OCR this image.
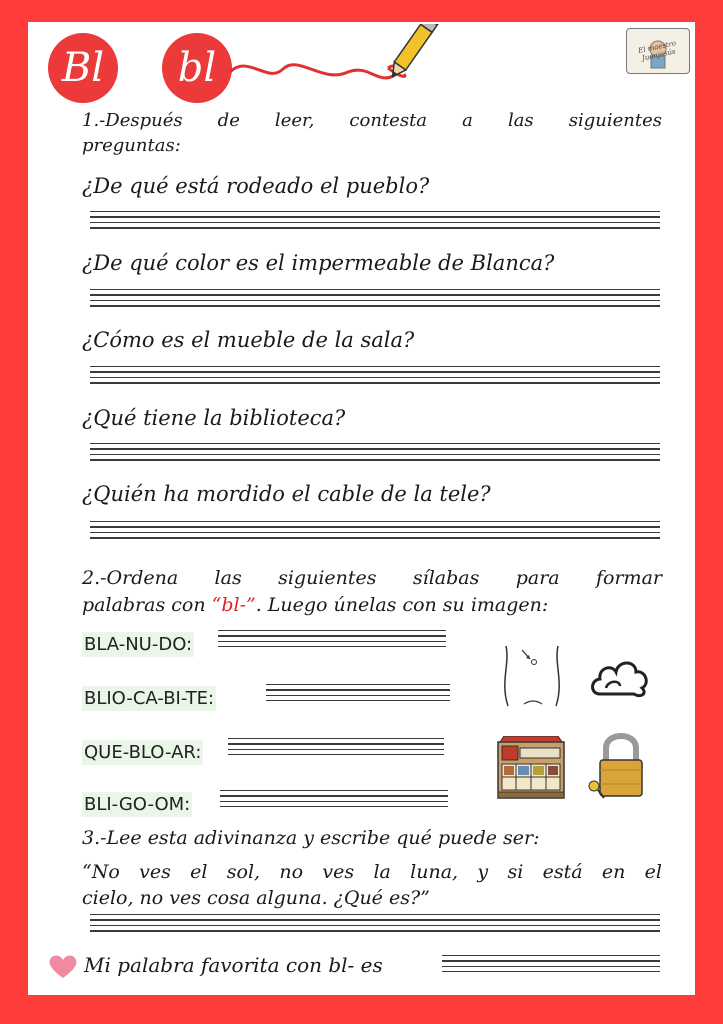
Bl bl	El maestro Juanjesús
1.-Después de leer, contesta a las siguientes
preguntas:
¿De qué está rodeado el pueblo?
¿De qué color es el impermeable de Blanca?
¿Cómo es el mueble de la sala?
¿Qué tiene la biblioteca?
¿Quién ha mordido el cable de la tele?
2.-Ordena las siguientes sílabas para formar
palabras con “bl-”. Luego únelas con su imagen:
BLA-NU-DO:
BLIO-CA-BI-TE:
QUE-BLO-AR:
BLI-GO-OM:
3.-Lee esta adivinanza y escribe qué puede ser:
“No ves el sol, no ves la luna, y si está en el
cielo, no ves cosa alguna. ¿Qué es?”
Mi palabra favorita con bl- es
